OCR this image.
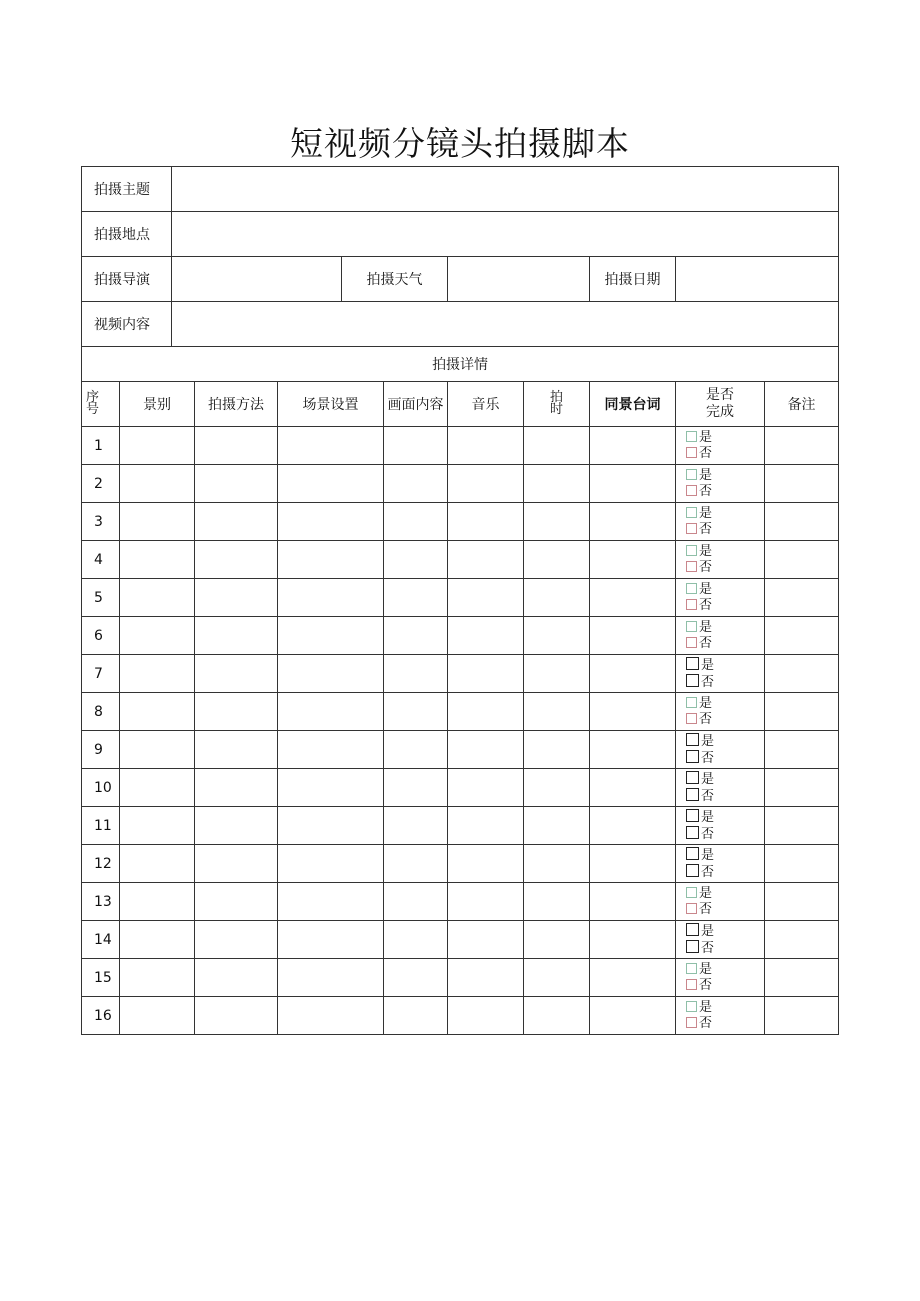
短视频分镜头拍摄脚本
拍摄主题											
拍摄地点											
拍摄导演					拍摄天气				拍摄日期		
视频内容											
拍摄详情											

序
号	景别		拍摄方法	场景设置		画面内容	音乐	拍
时	同景台词	是否
完成	备注
1										是
否	

2										是
否	

3										是
否	

4										是
否	

5										是
否	

6										是
否	

7										是
否	

8										是
否	

9										是
否	

10										是
否	

11										是
否	

12										是
否	

13										是
否	

14										是
否	

15										是
否	

16										是
否	
